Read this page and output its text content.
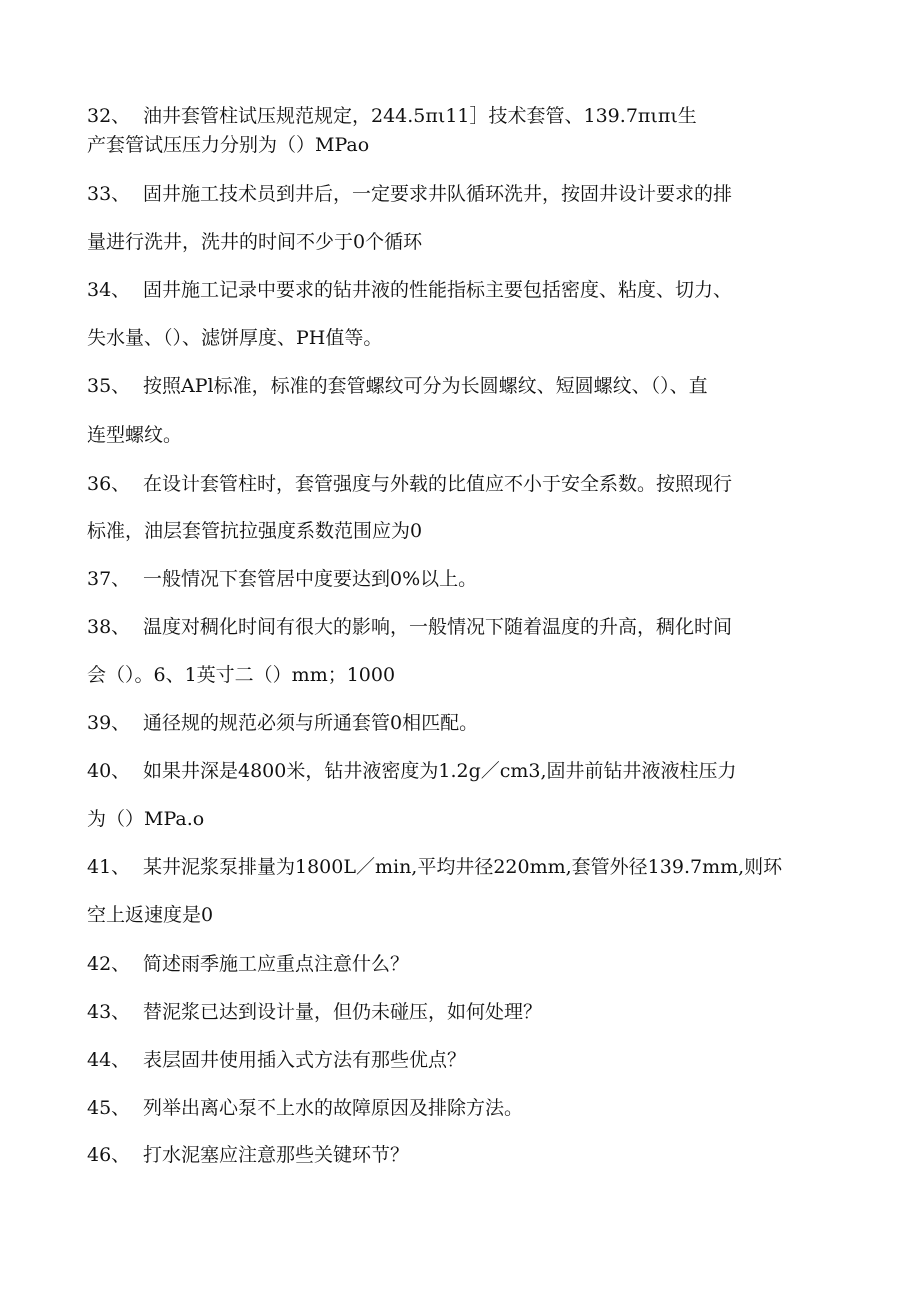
32、 油井套管柱试压规范规定，244.5πι11］技术套管、139.7πιπι生
产套管试压压力分别为（）MPao
33、 固井施工技术员到井后，一定要求井队循环洗井，按固井设计要求的排
量进行洗井，洗井的时间不少于0个循环
34、 固井施工记录中要求的钻井液的性能指标主要包括密度、粘度、切力、
失水量、（）、滤饼厚度、PH值等。
35、 按照APl标准，标准的套管螺纹可分为长圆螺纹、短圆螺纹、（）、直
连型螺纹。
36、 在设计套管柱时，套管强度与外载的比值应不小于安全系数。按照现行
标准，油层套管抗拉强度系数范围应为0
37、 一般情况下套管居中度要达到0%以上。
38、 温度对稠化时间有很大的影响，一般情况下随着温度的升高，稠化时间
会（）。6、1英寸二（）mm；1000
39、 通径规的规范必须与所通套管0相匹配。
40、 如果井深是4800米，钻井液密度为1.2g／cm3,固井前钻井液液柱压力
为（）MPa.o
41、 某井泥浆泵排量为1800L／min,平均井径220mm,套管外径139.7mm,则环
空上返速度是0
42、 简述雨季施工应重点注意什么？
43、 替泥浆已达到设计量，但仍未碰压，如何处理？
44、 表层固井使用插入式方法有那些优点？
45、 列举出离心泵不上水的故障原因及排除方法。
46、 打水泥塞应注意那些关键环节？
